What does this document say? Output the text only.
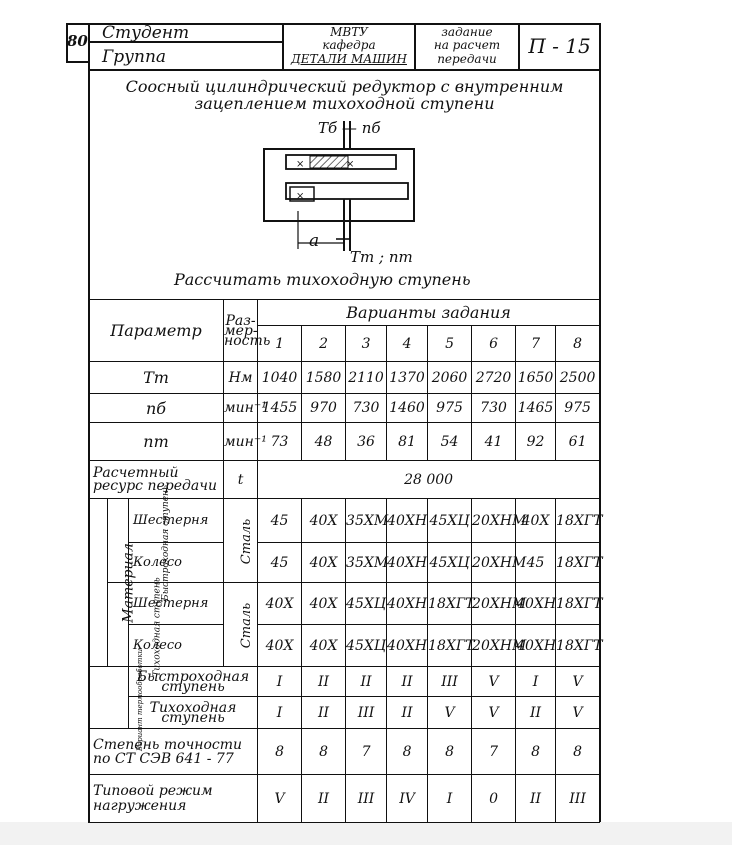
80 Студент
Группа
МВТУ
кафедра
ДЕТАЛИ МАШИН
задание
на расчет
передачи
П - 15
Соосный цилиндрический редуктор с внутренним
зацеплением тихоходной ступени
×	×
×
Тб — nб
a
Тт ; nт
Рассчитать тихоходную ступень
Параметр			Раз-мер-ность	Варианты задания							
				1	2	3	4	5	6	7	8
Тт			Нм	1040	1580	2110	1370	2060	2720	1650	2500
nб			мин⁻¹	1455	970	730	1460	975	730	1465	975
nт			мин⁻¹	73	48	36	81	54	41	92	61
Расчетный ресурс передачи			t	28 000							
Материал	Быстроходная ступень	Шестерня	Сталь	45	40X	35XM	40XH	45XЦ	20XHM	40X	18XГТ
		Колесо		45	40X	35XM	40XH	45XЦ	20XHM	45	18XГТ
	Тихоходная ступень	Шестерня	Сталь	40X	40X	45XЦ	40XH	18XГТ	20XHM	40XH	18XГТ
		Колесо		40X	40X	45XЦ	40XH	18XГТ	20XHM	40XH	18XГТ
Вариант термообработки		Быстроходная ступень		I	II	II	II	III	V	I	V
		Тихоходная ступень		I	II	III	II	V	V	II	V
Степень точности по СТ СЭВ 641 - 77				8	8	7	8	8	7	8	8
Типовой режим нагружения				V	II	III	IV	I	0	II	III
